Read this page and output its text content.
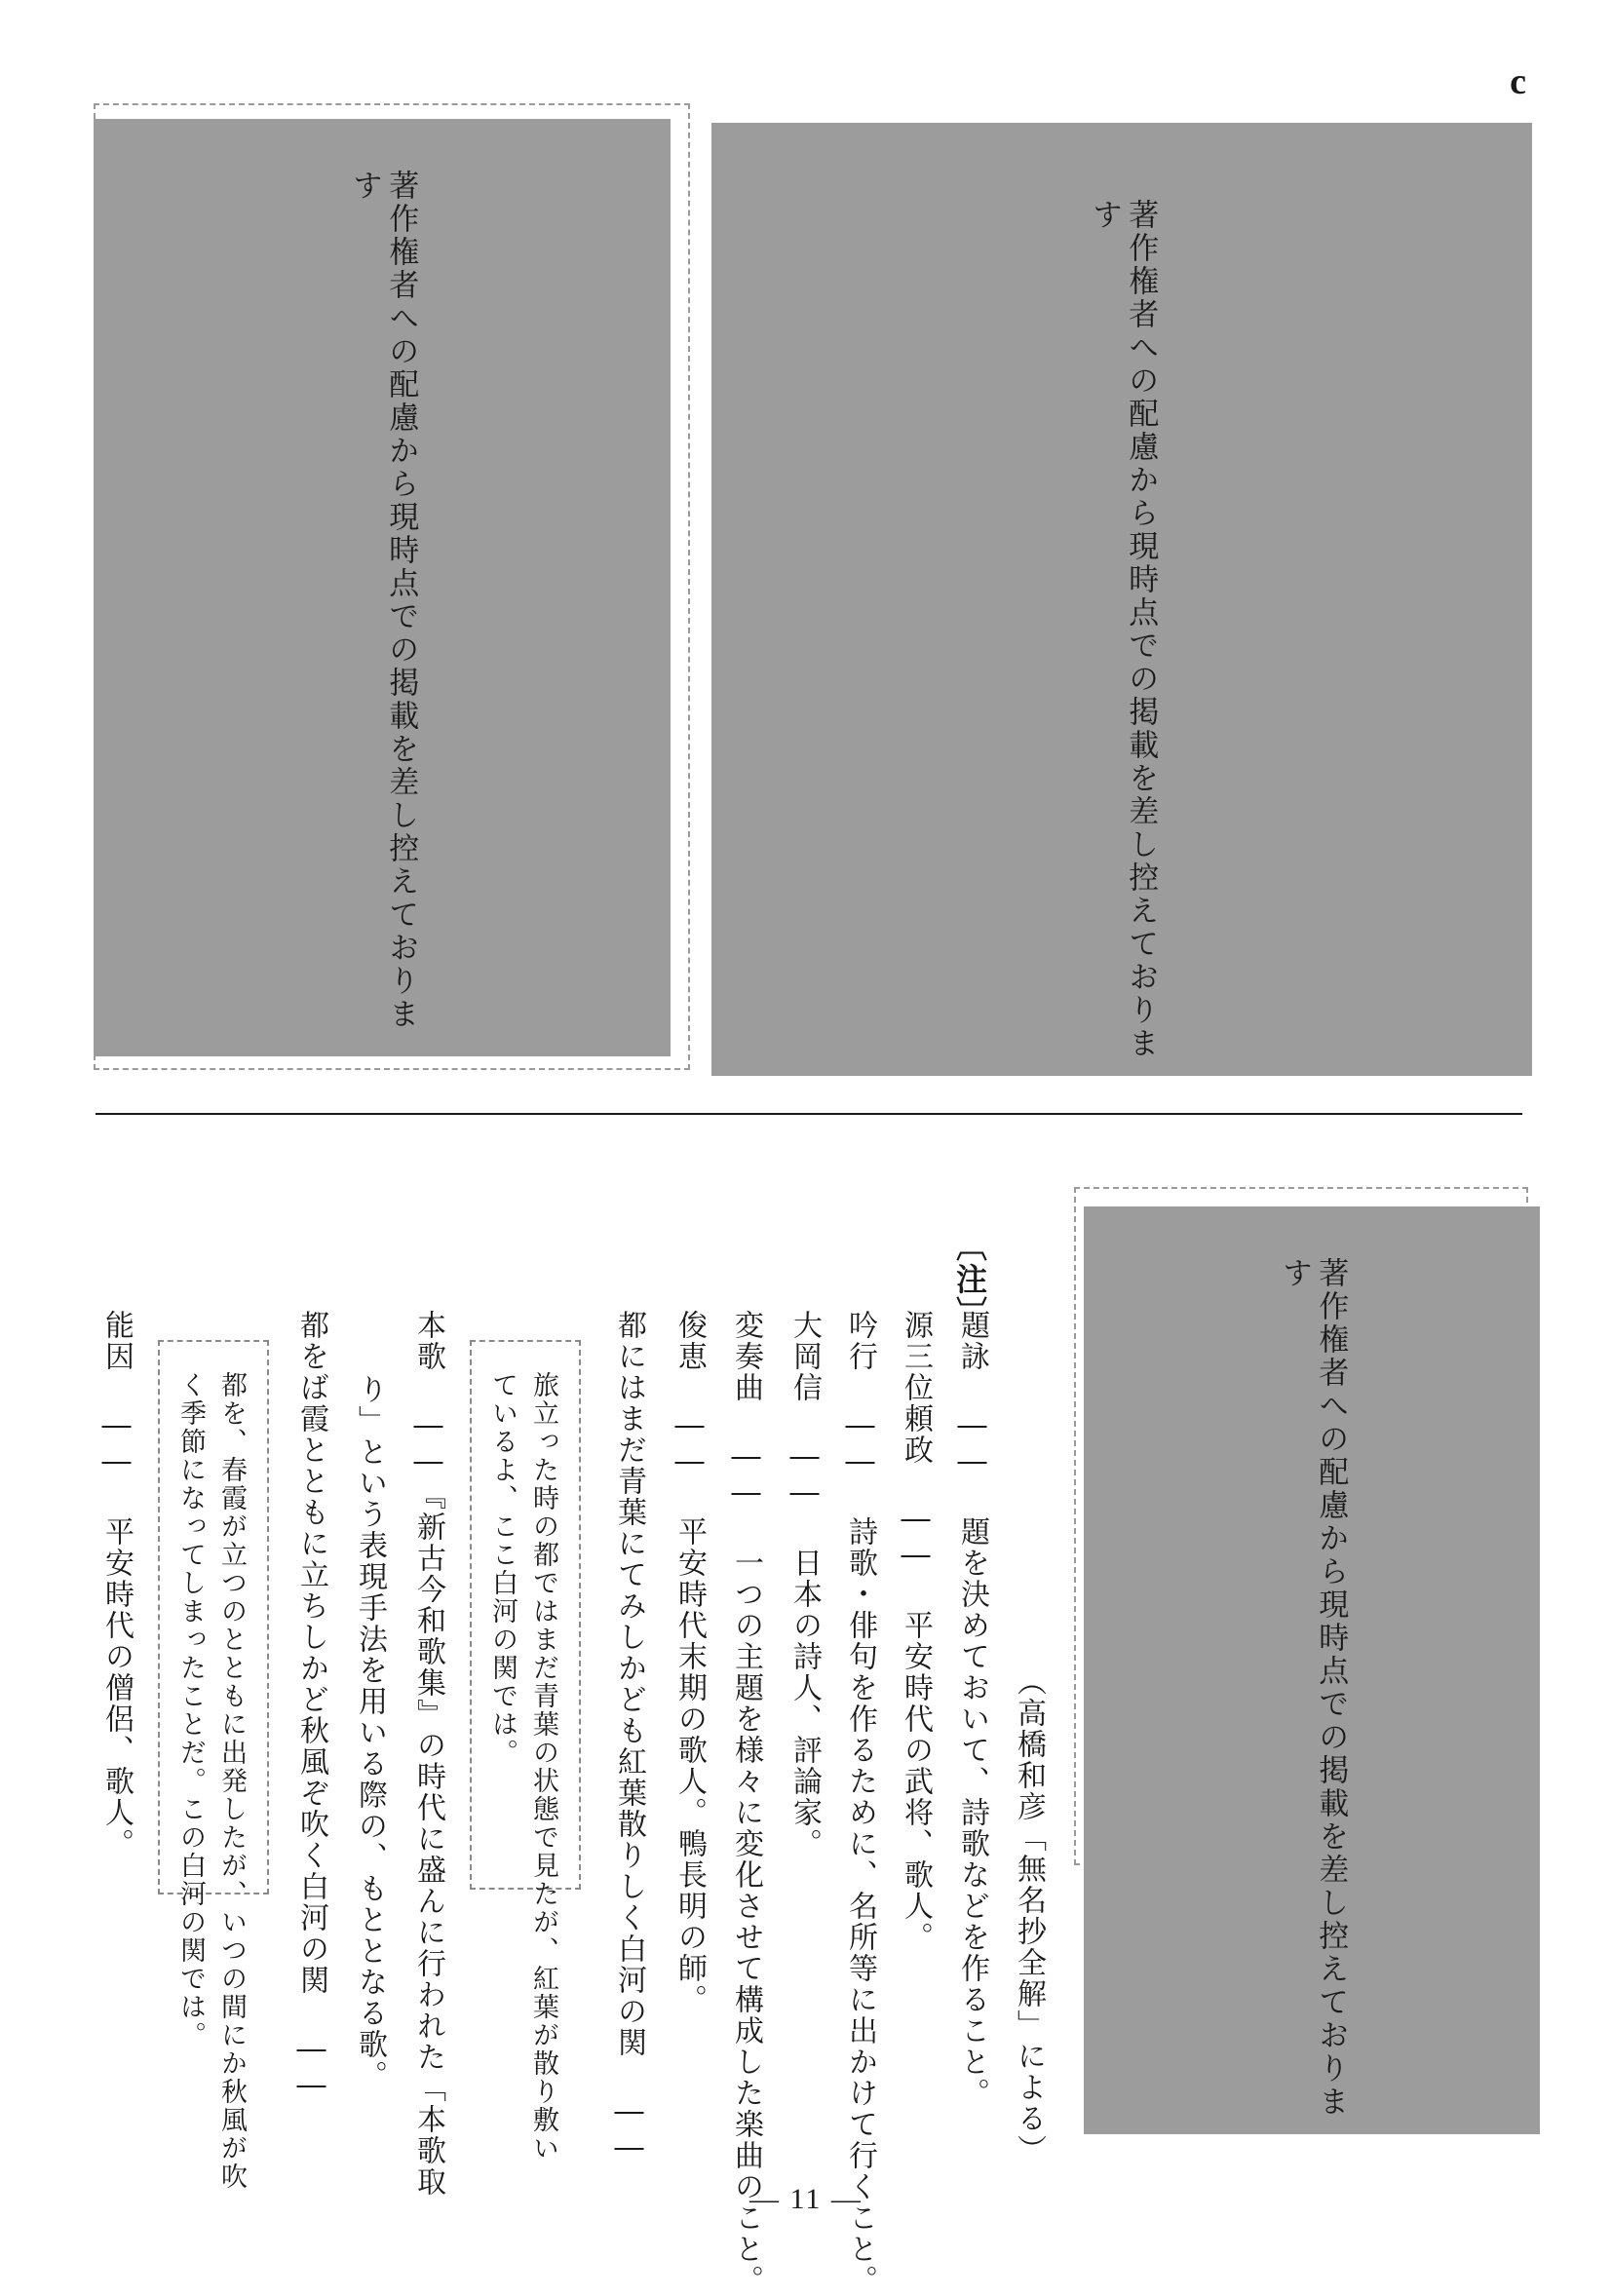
c
著作権者への配慮から現時点での掲載を差し控えております
著作権者への配慮から現時点での掲載を差し控えております
著作権者への配慮から現時点での掲載を差し控えております
（高橋和彦「無名抄全解」による）
〔注〕
題詠 ―― 題を決めておいて、詩歌などを作ること。
源三位頼政 ―― 平安時代の武将、歌人。
吟行 ―― 詩歌・俳句を作るために、名所等に出かけて行くこと。
大岡信 ―― 日本の詩人、評論家。
変奏曲 ―― 一つの主題を様々に変化させて構成した楽曲のこと。
俊恵 ―― 平安時代末期の歌人。鴨長明の師。
都にはまだ青葉にてみしかども紅葉散りしく白河の関 ――
旅立った時の都ではまだ青葉の状態で見たが、紅葉が散り敷い
ているよ、ここ白河の関では。
本歌 ――『新古今和歌集』の時代に盛んに行われた「本歌取
り」という表現手法を用いる際の、もととなる歌。
都をば霞とともに立ちしかど秋風ぞ吹く白河の関 ――
都を、春霞が立つのとともに出発したが、いつの間にか秋風が吹
く季節になってしまったことだ。この白河の関では。
能因 ―― 平安時代の僧侶、歌人。
― 11 ―
